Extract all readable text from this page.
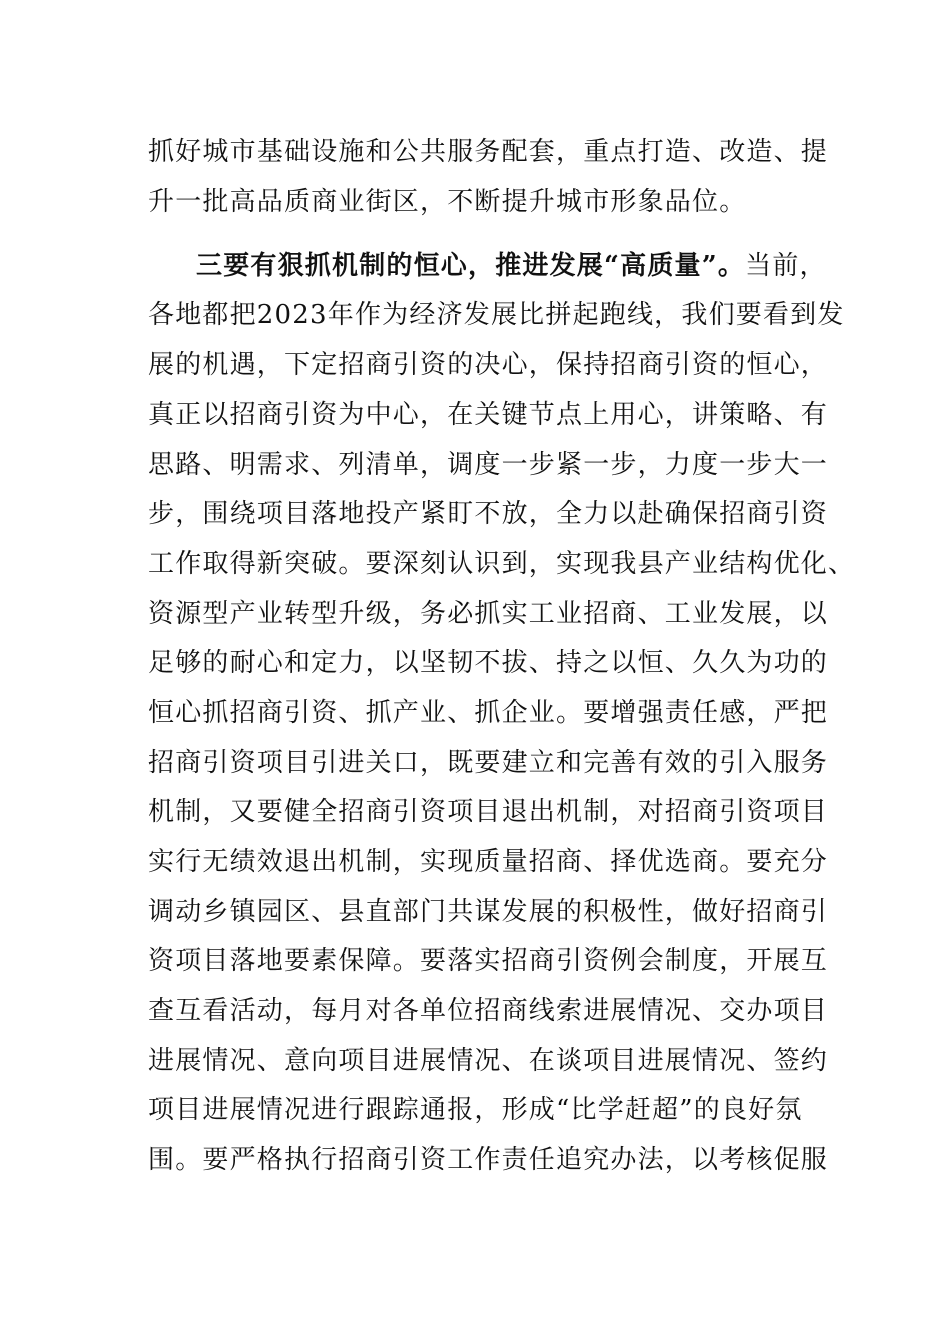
抓好城市基础设施和公共服务配套，重点打造、改造、提
升一批高品质商业街区，不断提升城市形象品位。
三要有狠抓机制的恒心，推进发展“高质量”。当前，
各地都把2023年作为经济发展比拼起跑线，我们要看到发
展的机遇，下定招商引资的决心，保持招商引资的恒心，
真正以招商引资为中心，在关键节点上用心，讲策略、有
思路、明需求、列清单，调度一步紧一步，力度一步大一
步，围绕项目落地投产紧盯不放，全力以赴确保招商引资
工作取得新突破。要深刻认识到，实现我县产业结构优化、
资源型产业转型升级，务必抓实工业招商、工业发展，以
足够的耐心和定力，以坚韧不拔、持之以恒、久久为功的
恒心抓招商引资、抓产业、抓企业。要增强责任感，严把
招商引资项目引进关口，既要建立和完善有效的引入服务
机制，又要健全招商引资项目退出机制，对招商引资项目
实行无绩效退出机制，实现质量招商、择优选商。要充分
调动乡镇园区、县直部门共谋发展的积极性，做好招商引
资项目落地要素保障。要落实招商引资例会制度，开展互
查互看活动，每月对各单位招商线索进展情况、交办项目
进展情况、意向项目进展情况、在谈项目进展情况、签约
项目进展情况进行跟踪通报，形成“比学赶超”的良好氛
围。要严格执行招商引资工作责任追究办法，以考核促服
